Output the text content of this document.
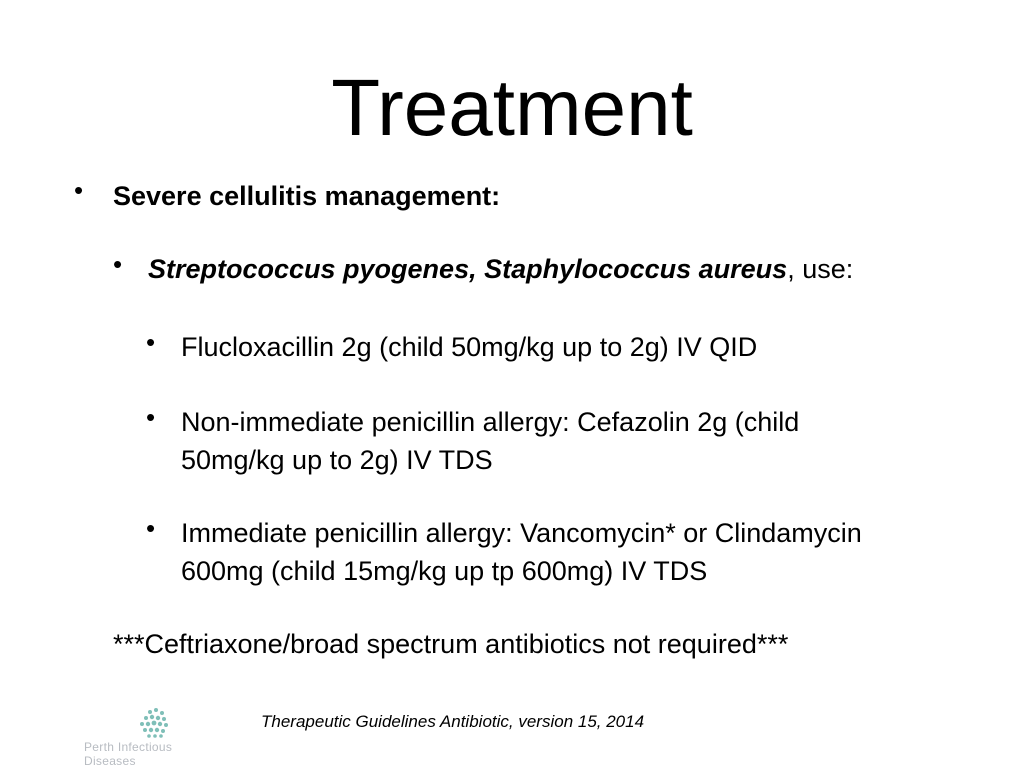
Treatment
• Severe cellulitis management:
• Streptococcus pyogenes, Staphylococcus aureus, use:
• Flucloxacillin 2g (child 50mg/kg up to 2g) IV QID
• Non-immediate penicillin allergy: Cefazolin 2g (child
50mg/kg up to 2g) IV TDS
• Immediate penicillin allergy: Vancomycin* or Clindamycin
600mg (child 15mg/kg up tp 600mg) IV TDS
***Ceftriaxone/broad spectrum antibiotics not required***
Perth Infectious Diseases
Therapeutic Guidelines Antibiotic, version 15, 2014
